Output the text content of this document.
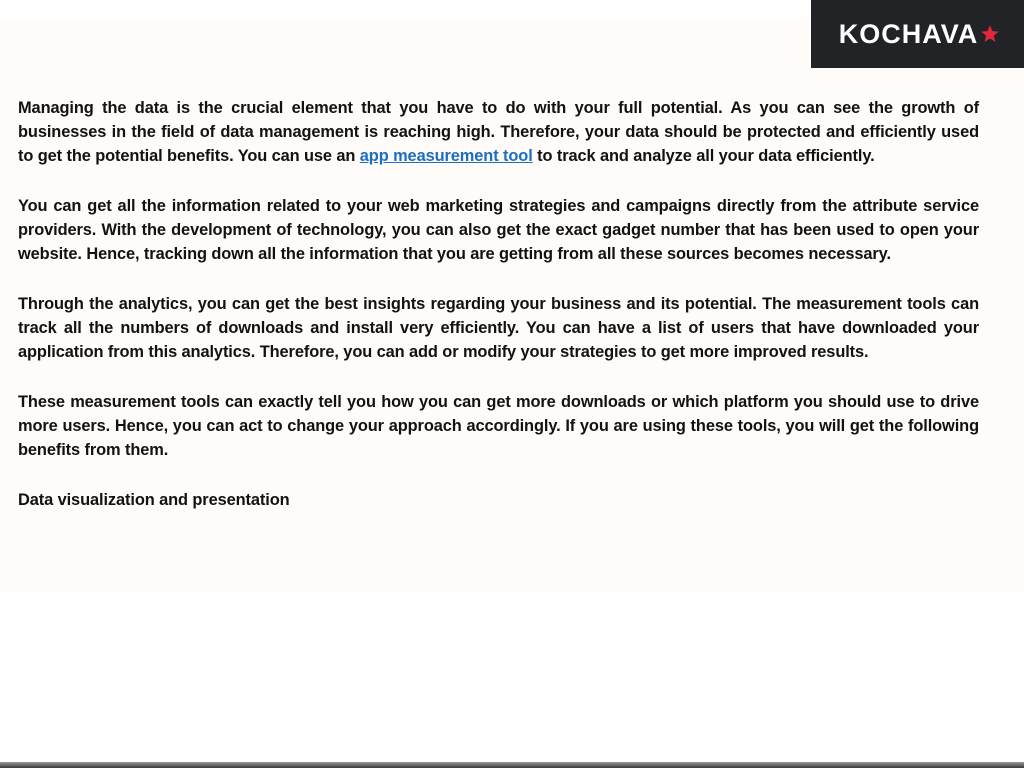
KOCHAVA

Managing the data is the crucial element that you have to do with your full potential. As you can see the growth of businesses in the field of data management is reaching high. Therefore, your data should be protected and efficiently used to get the potential benefits. You can use an app measurement tool to track and analyze all your data efficiently.

You can get all the information related to your web marketing strategies and campaigns directly from the attribute service providers. With the development of technology, you can also get the exact gadget number that has been used to open your website. Hence, tracking down all the information that you are getting from all these sources becomes necessary.

Through the analytics, you can get the best insights regarding your business and its potential. The measurement tools can track all the numbers of downloads and install very efficiently. You can have a list of users that have downloaded your application from this analytics. Therefore, you can add or modify your strategies to get more improved results.

These measurement tools can exactly tell you how you can get more downloads or which platform you should use to drive more users. Hence, you can act to change your approach accordingly. If you are using these tools, you will get the following benefits from them.

Data visualization and presentation
